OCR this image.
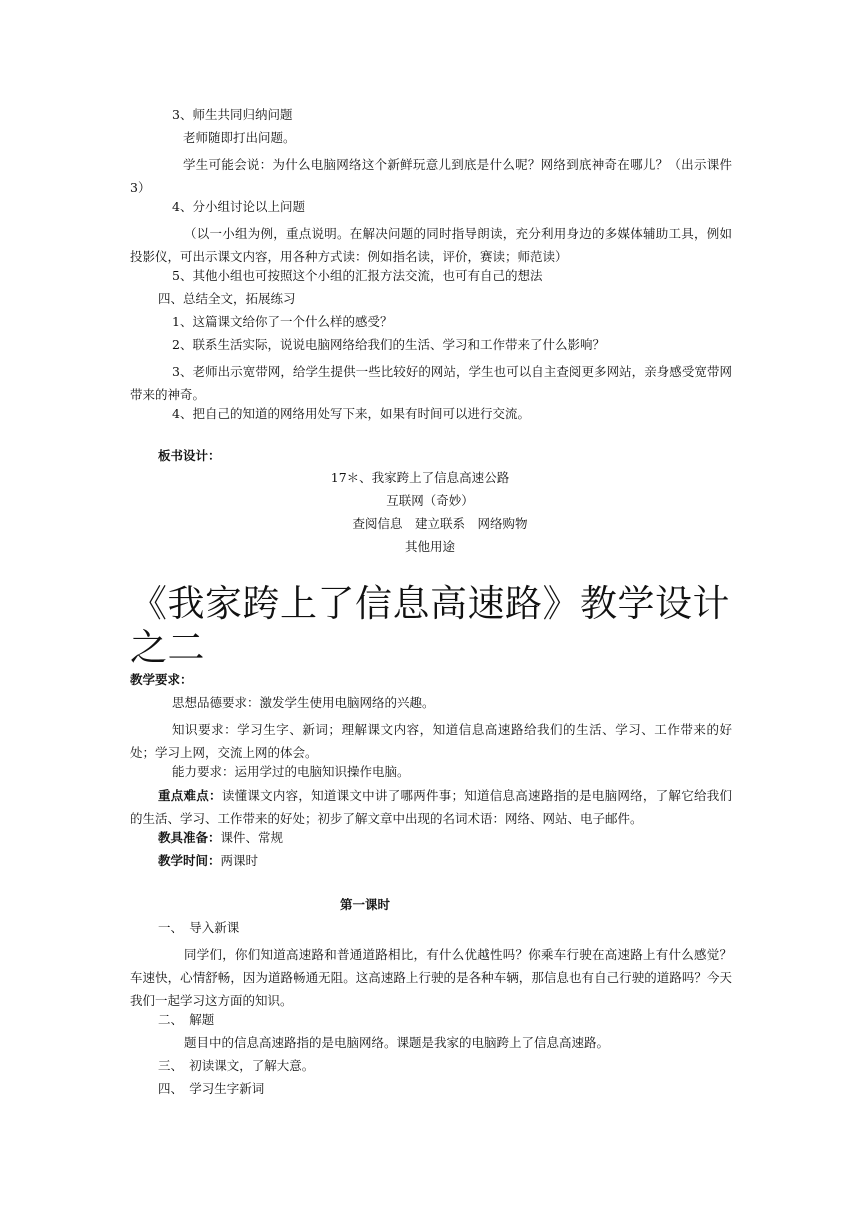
3、师生共同归纳问题
老师随即打出问题。
学生可能会说：为什么电脑网络这个新鲜玩意儿到底是什么呢？网络到底神奇在哪儿？（出示课件 3）
4、分小组讨论以上问题
（以一小组为例，重点说明。在解决问题的同时指导朗读，充分利用身边的多媒体辅助工具，例如投影仪，可出示课文内容，用各种方式读：例如指名读，评价，赛读；师范读）
5、其他小组也可按照这个小组的汇报方法交流，也可有自己的想法
四、总结全文，拓展练习
1、这篇课文给你了一个什么样的感受？
2、联系生活实际，说说电脑网络给我们的生活、学习和工作带来了什么影响？
3、老师出示宽带网，给学生提供一些比较好的网站，学生也可以自主查阅更多网站，亲身感受宽带网带来的神奇。
4、把自己的知道的网络用处写下来，如果有时间可以进行交流。
板书设计：
17＊、我家跨上了信息高速公路
互联网（奇妙）
查阅信息　建立联系　网络购物
其他用途
《我家跨上了信息高速路》教学设计之二
教学要求：
思想品德要求：激发学生使用电脑网络的兴趣。
知识要求：学习生字、新词；理解课文内容，知道信息高速路给我们的生活、学习、工作带来的好处；学习上网，交流上网的体会。
能力要求：运用学过的电脑知识操作电脑。
重点难点：读懂课文内容，知道课文中讲了哪两件事；知道信息高速路指的是电脑网络，了解它给我们的生活、学习、工作带来的好处；初步了解文章中出现的名词术语：网络、网站、电子邮件。
教具准备：课件、常规
教学时间：两课时
第一课时
一、　导入新课
同学们，你们知道高速路和普通道路相比，有什么优越性吗？你乘车行驶在高速路上有什么感觉？车速快，心情舒畅，因为道路畅通无阻。这高速路上行驶的是各种车辆，那信息也有自己行驶的道路吗？今天我们一起学习这方面的知识。
二、　解题
题目中的信息高速路指的是电脑网络。课题是我家的电脑跨上了信息高速路。
三、　初读课文，了解大意。
四、　学习生字新词
